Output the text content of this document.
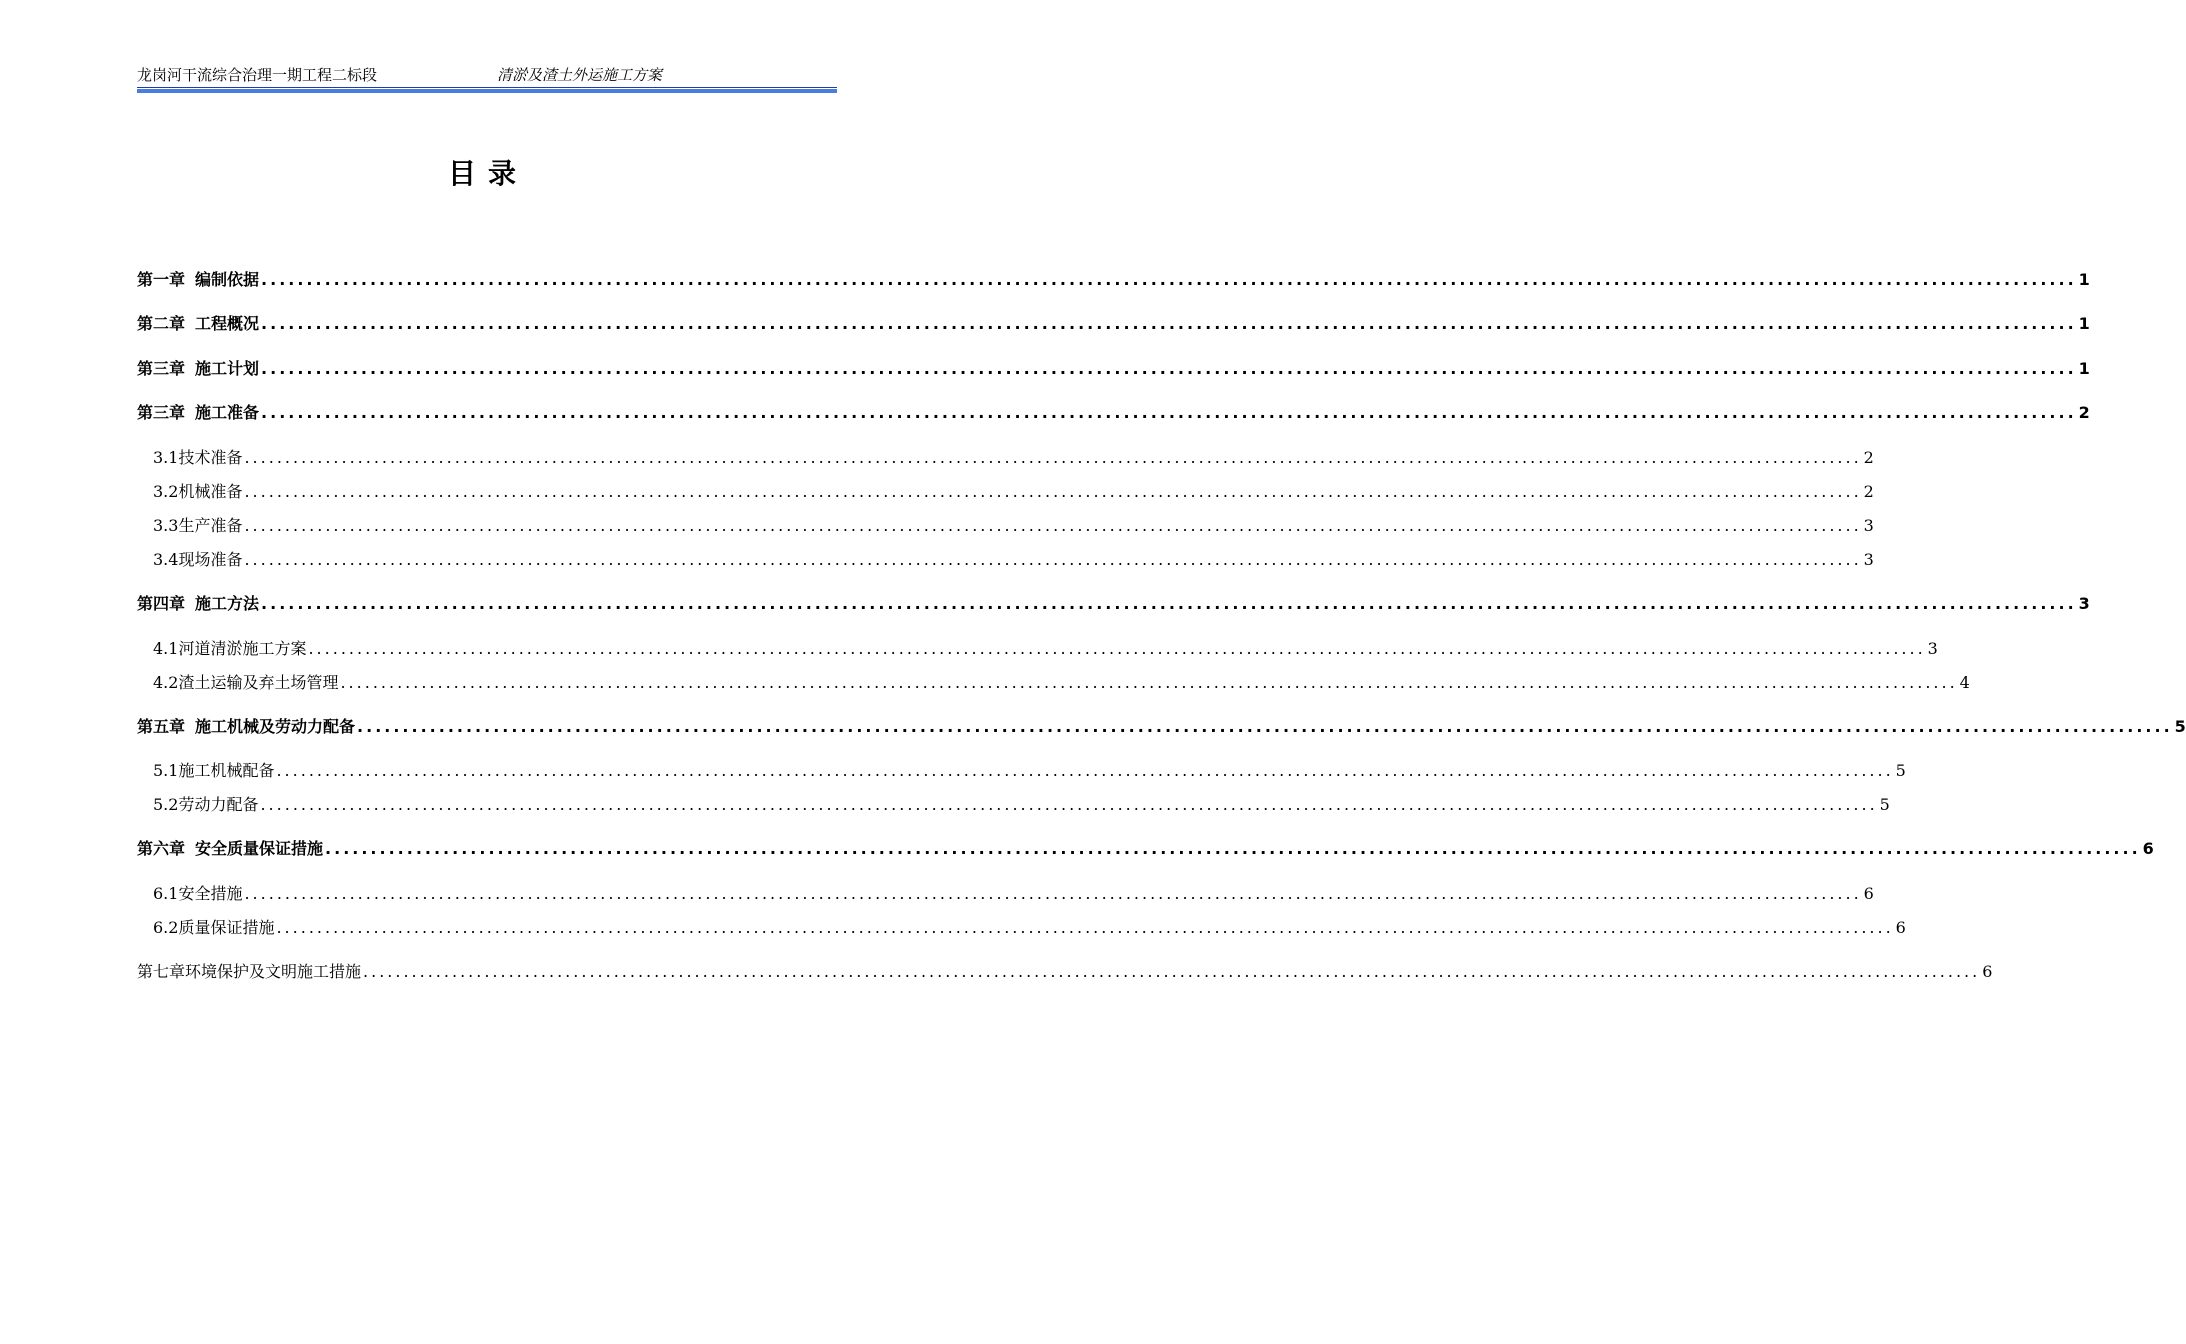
龙岗河干流综合治理一期工程二标段	清淤及渣土外运施工方案
目录
第一章 编制依据 ........................................................................................................................................................................................................ 1
第二章 工程概况 ........................................................................................................................................................................................................ 1
第三章 施工计划 ........................................................................................................................................................................................................ 1
第三章 施工准备 ........................................................................................................................................................................................................ 2
3.1技术准备 ........................................................................................................................................................................................................ 2
3.2机械准备 ........................................................................................................................................................................................................ 2
3.3生产准备 ........................................................................................................................................................................................................ 3
3.4现场准备 ........................................................................................................................................................................................................ 3
第四章 施工方法 ........................................................................................................................................................................................................ 3
4.1河道清淤施工方案 ........................................................................................................................................................................................................ 3
4.2渣土运输及弃土场管理 ........................................................................................................................................................................................................ 4
第五章 施工机械及劳动力配备 ........................................................................................................................................................................................................ 5
5.1施工机械配备 ........................................................................................................................................................................................................ 5
5.2劳动力配备 ........................................................................................................................................................................................................ 5
第六章 安全质量保证措施 ........................................................................................................................................................................................................ 6
6.1安全措施 ........................................................................................................................................................................................................ 6
6.2质量保证措施 ........................................................................................................................................................................................................ 6
第七章环境保护及文明施工措施 ........................................................................................................................................................................................................ 6
